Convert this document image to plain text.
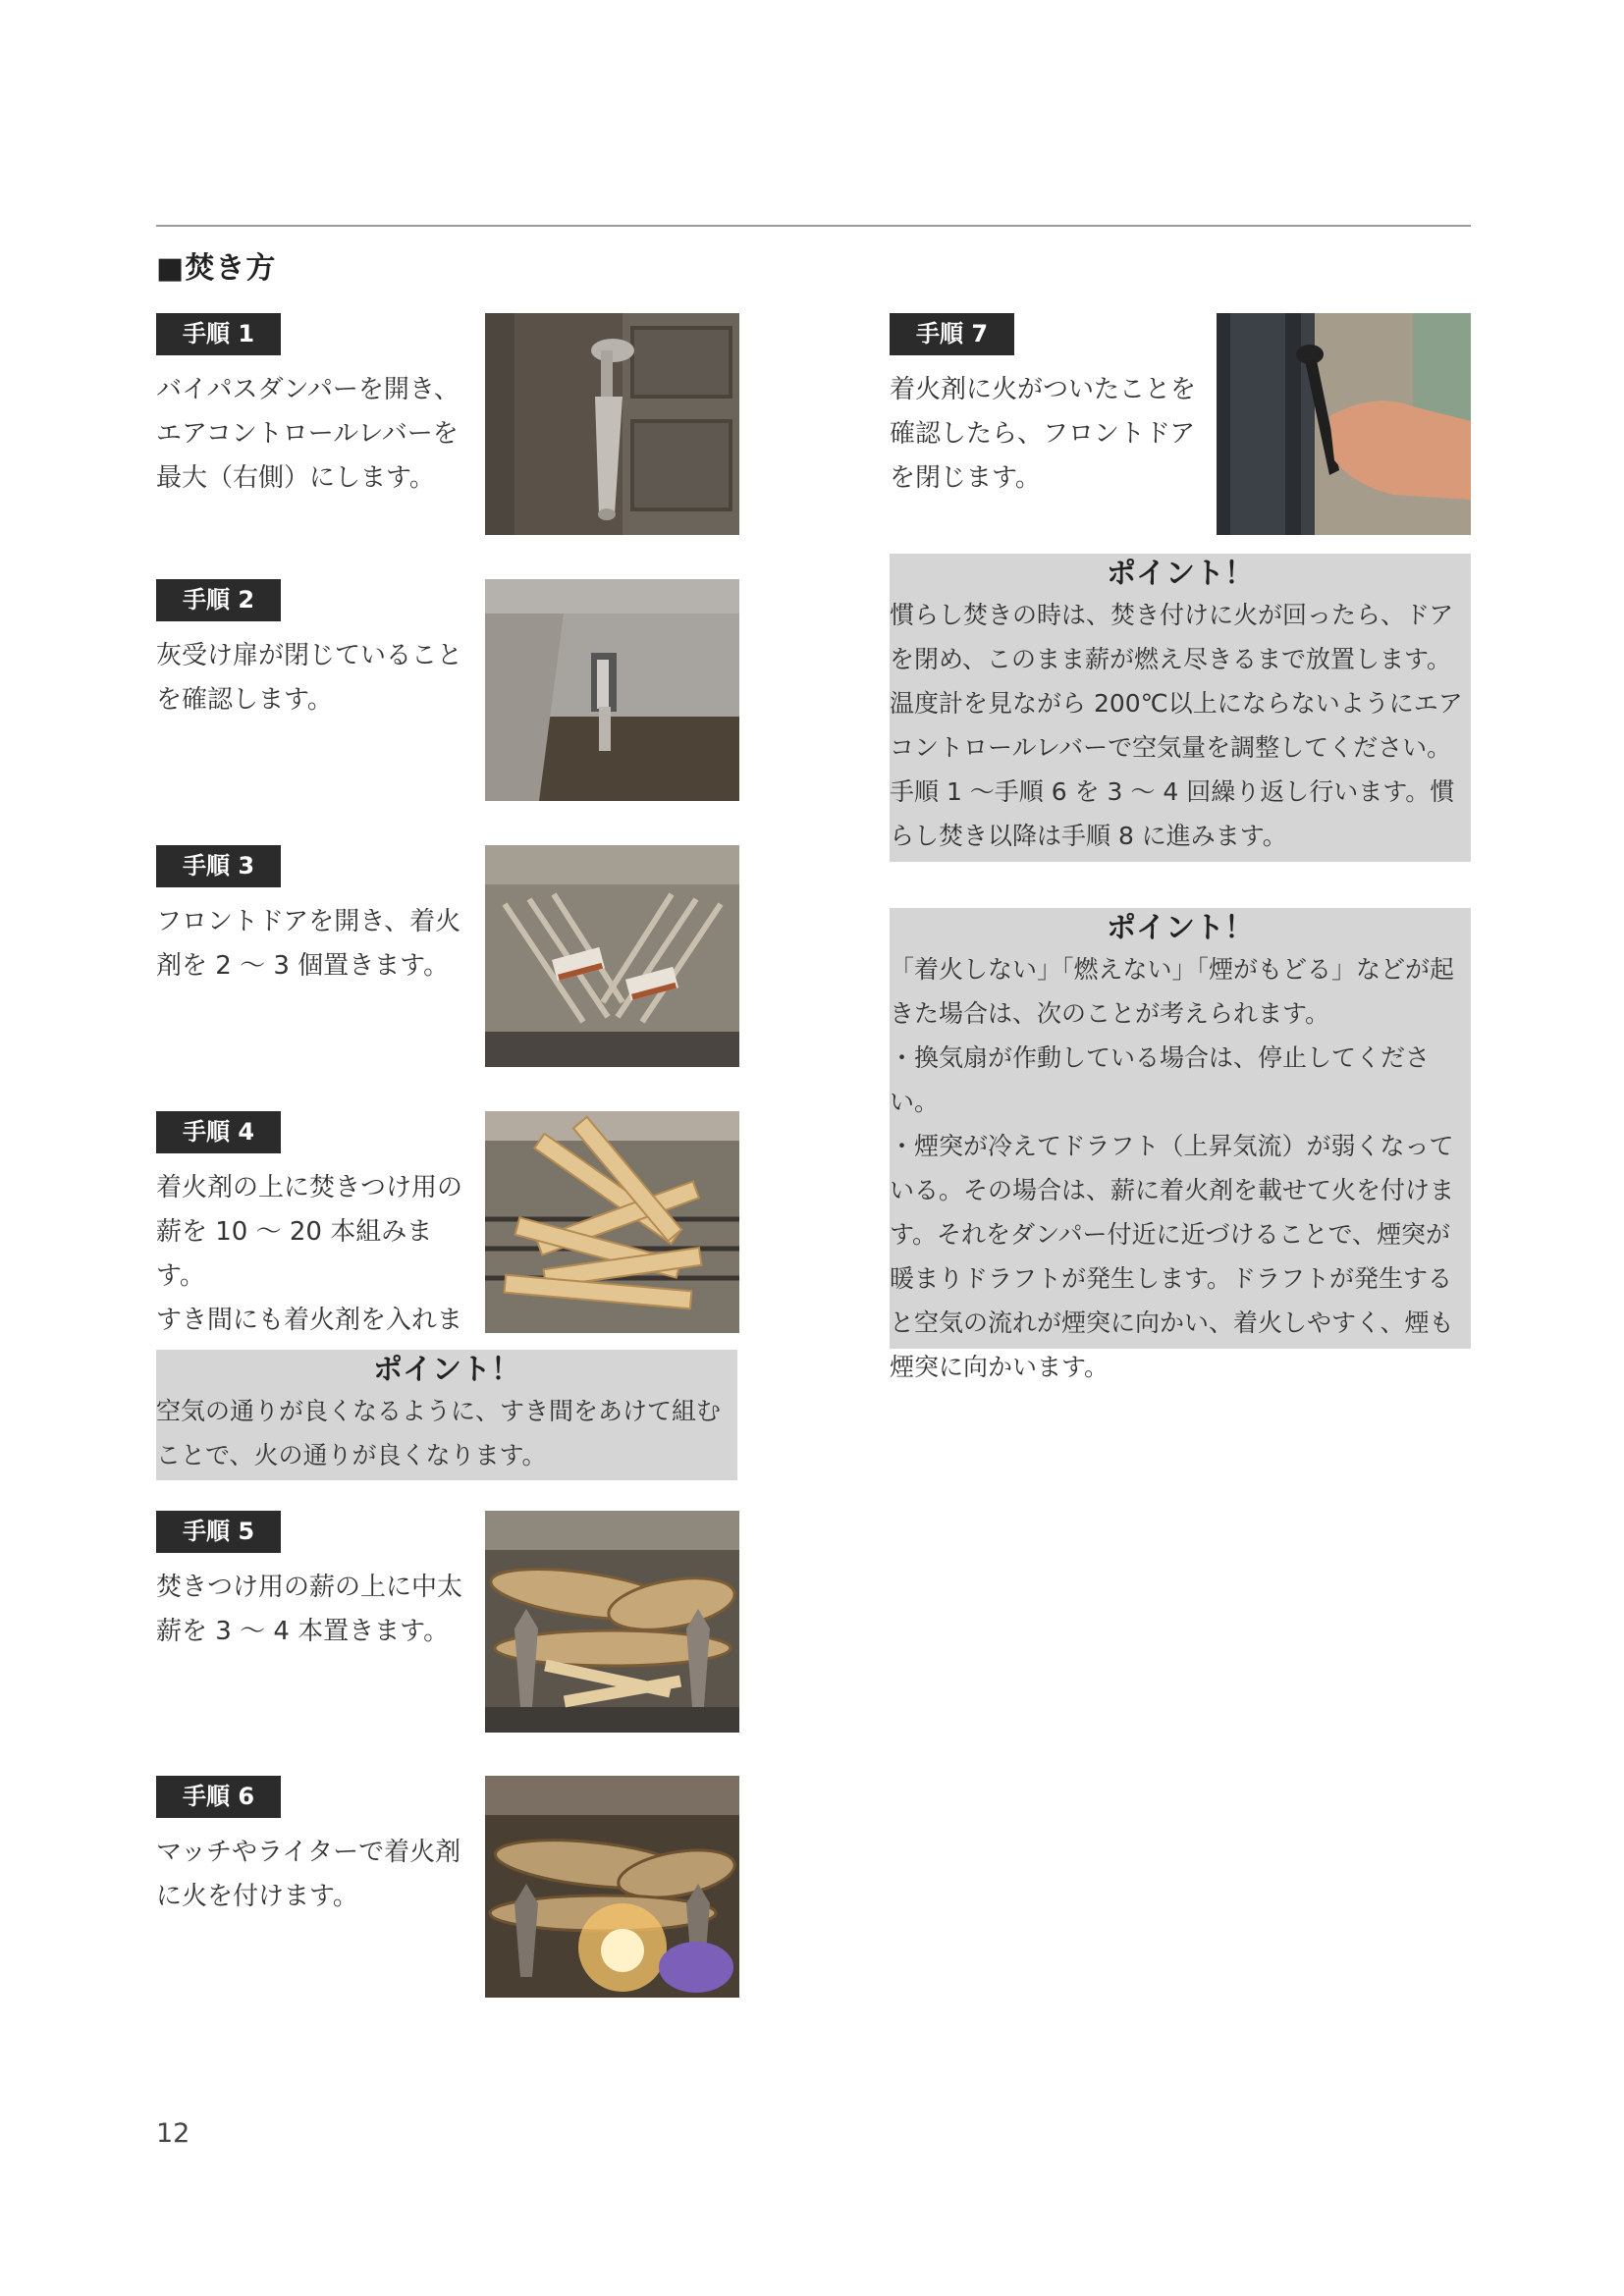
■焚き方
手順 1
バイパスダンパーを開き、
エアコントロールレバーを
最大（右側）にします。
手順 2
灰受け扉が閉じていること
を確認します。
手順 3
フロントドアを開き、着火
剤を 2 〜 3 個置きます。
手順 4
着火剤の上に焚きつけ用の
薪を 10 〜 20 本組みます。
すき間にも着火剤を入れま

ポイント！
空気の通りが良くなるように、すき間をあけて組む
ことで、火の通りが良くなります。
手順 5
焚きつけ用の薪の上に中太
薪を 3 〜 4 本置きます。
手順 6
マッチやライターで着火剤
に火を付けます。
手順 7
着火剤に火がついたことを
確認したら、フロントドア
を閉じます。
ポイント！
慣らし焚きの時は、焚き付けに火が回ったら、ドア
を閉め、このまま薪が燃え尽きるまで放置します。
温度計を見ながら 200℃以上にならないようにエア
コントロールレバーで空気量を調整してください。
手順 1 〜手順 6 を 3 〜 4 回繰り返し行います。慣
らし焚き以降は手順 8 に進みます。
ポイント！
「着火しない」「燃えない」「煙がもどる」などが起
きた場合は、次のことが考えられます。
・換気扇が作動している場合は、停止してください。
・煙突が冷えてドラフト（上昇気流）が弱くなって
いる。その場合は、薪に着火剤を載せて火を付けま
す。それをダンパー付近に近づけることで、煙突が
暖まりドラフトが発生します。ドラフトが発生する
と空気の流れが煙突に向かい、着火しやすく、煙も
煙突に向かいます。
12
